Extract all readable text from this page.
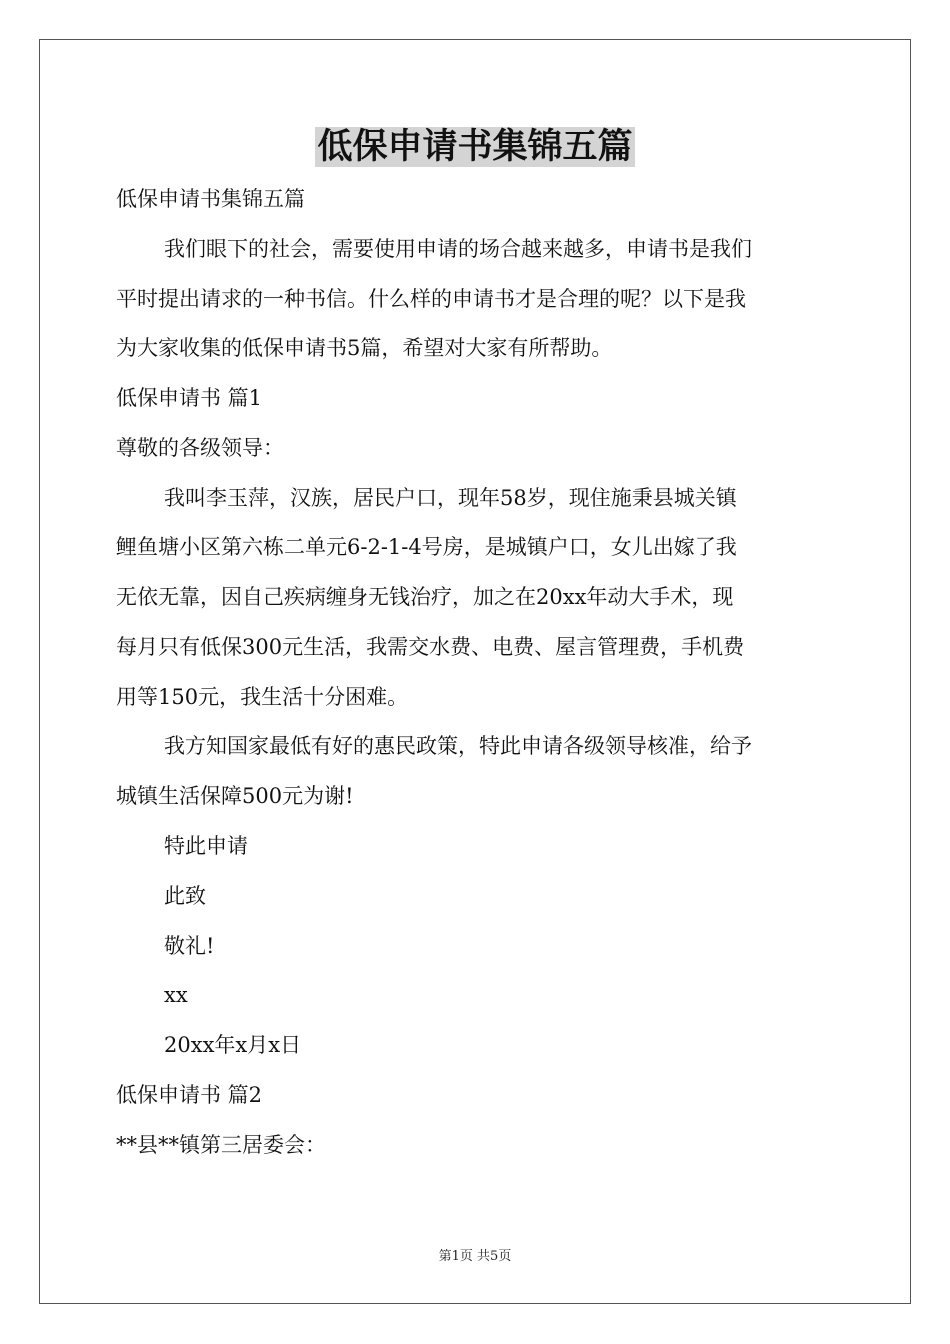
低保申请书集锦五篇
低保申请书集锦五篇
我们眼下的社会，需要使用申请的场合越来越多，申请书是我们
平时提出请求的一种书信。什么样的申请书才是合理的呢？以下是我
为大家收集的低保申请书5篇，希望对大家有所帮助。
低保申请书 篇1
尊敬的各级领导：
我叫李玉萍，汉族，居民户口，现年58岁，现住施秉县城关镇
鲤鱼塘小区第六栋二单元6-2-1-4号房，是城镇户口，女儿出嫁了我
无依无靠，因自己疾病缠身无钱治疗，加之在20xx年动大手术，现
每月只有低保300元生活，我需交水费、电费、屋言管理费，手机费
用等150元，我生活十分困难。
我方知国家最低有好的惠民政策，特此申请各级领导核准，给予
城镇生活保障500元为谢!
特此申请
此致
敬礼!
xx
20xx年x月x日
低保申请书 篇2
**县**镇第三居委会：
第1页 共5页
